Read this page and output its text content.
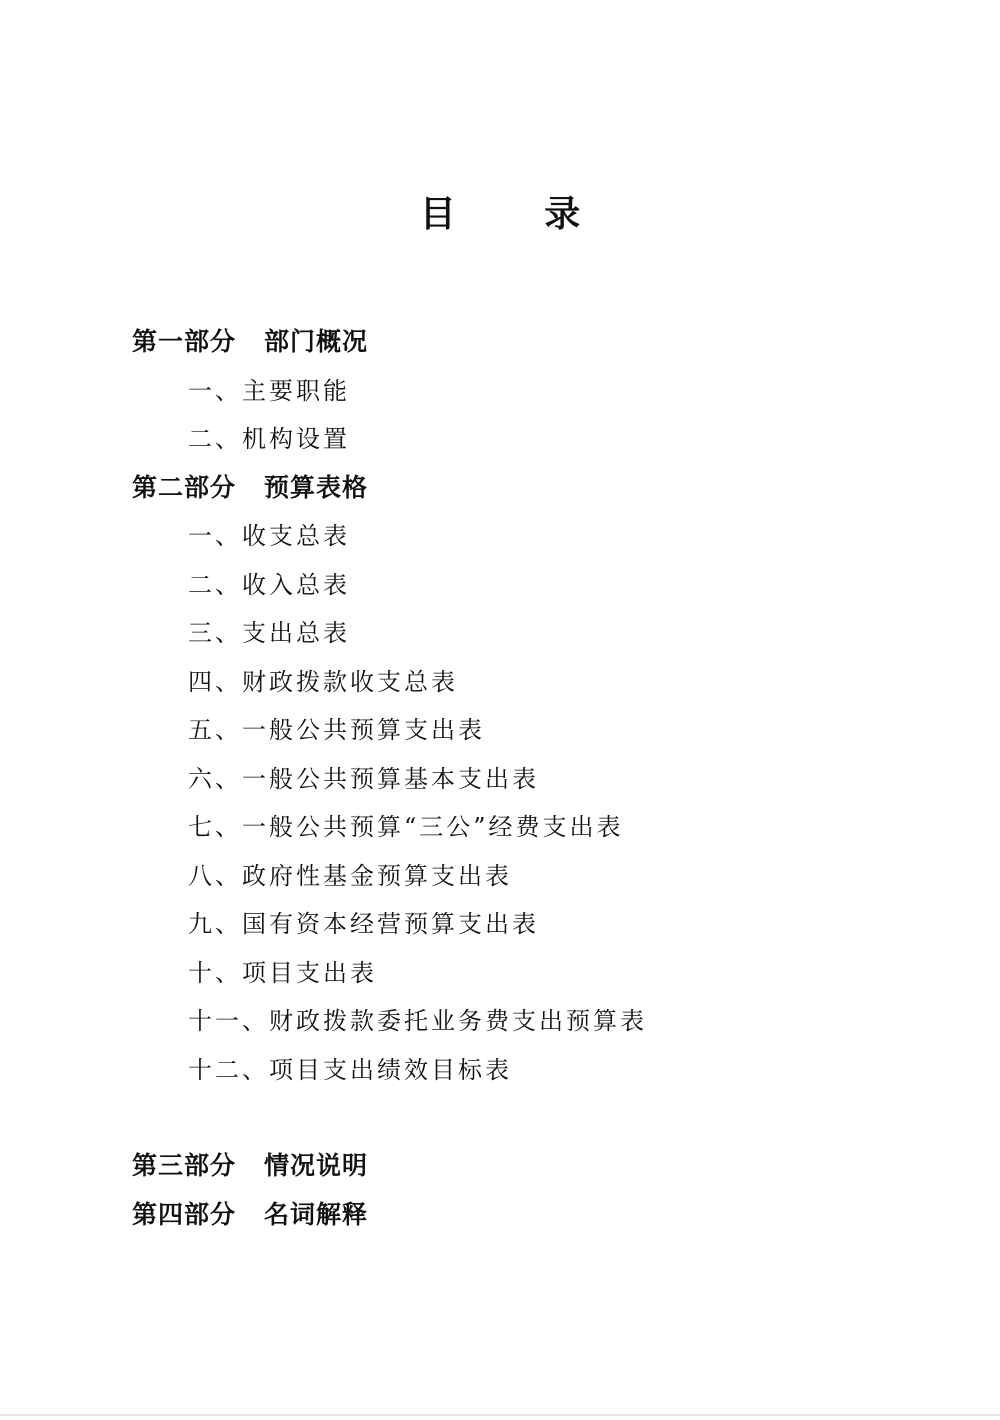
目 录
第一部分 部门概况
一、主要职能
二、机构设置
第二部分 预算表格
一、收支总表
二、收入总表
三、支出总表
四、财政拨款收支总表
五、一般公共预算支出表
六、一般公共预算基本支出表
七、一般公共预算“三公”经费支出表
八、政府性基金预算支出表
九、国有资本经营预算支出表
十、项目支出表
十一、财政拨款委托业务费支出预算表
十二、项目支出绩效目标表
第三部分 情况说明
第四部分 名词解释
